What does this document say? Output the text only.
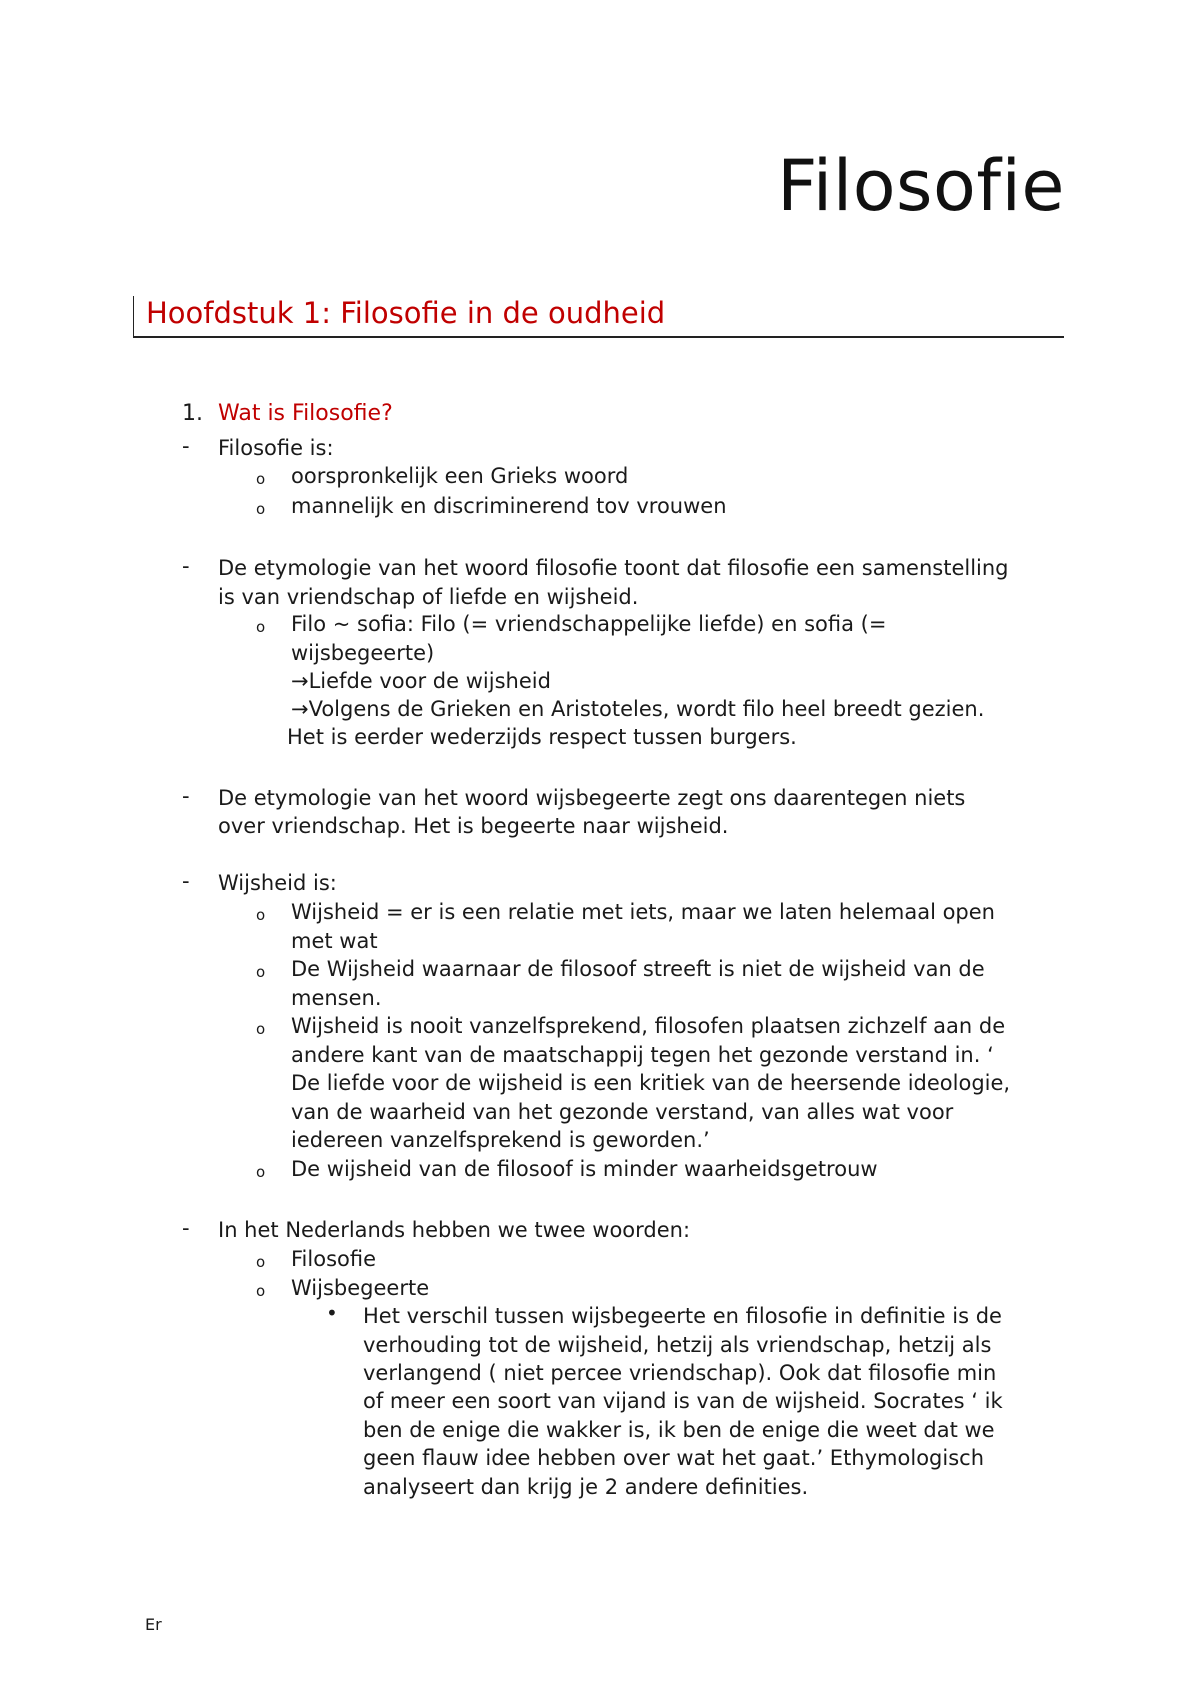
Filosofie
Hoofdstuk 1: Filosofie in de oudheid
1. Wat is Filosofie?
- Filosofie is:
o oorspronkelijk een Grieks woord
o mannelijk en discriminerend tov vrouwen
- De etymologie van het woord filosofie toont dat filosofie een samenstelling
is van vriendschap of liefde en wijsheid.
o Filo ~ sofia: Filo (= vriendschappelijke liefde) en sofia (=
wijsbegeerte)
→Liefde voor de wijsheid
→Volgens de Grieken en Aristoteles, wordt filo heel breedt gezien.
Het is eerder wederzijds respect tussen burgers.
- De etymologie van het woord wijsbegeerte zegt ons daarentegen niets
over vriendschap. Het is begeerte naar wijsheid.
- Wijsheid is:
o Wijsheid = er is een relatie met iets, maar we laten helemaal open
met wat
o De Wijsheid waarnaar de filosoof streeft is niet de wijsheid van de
mensen.
o Wijsheid is nooit vanzelfsprekend, filosofen plaatsen zichzelf aan de
andere kant van de maatschappij tegen het gezonde verstand in. ‘
De liefde voor de wijsheid is een kritiek van de heersende ideologie,
van de waarheid van het gezonde verstand, van alles wat voor
iedereen vanzelfsprekend is geworden.’
o De wijsheid van de filosoof is minder waarheidsgetrouw
- In het Nederlands hebben we twee woorden:
o Filosofie
o Wijsbegeerte
• Het verschil tussen wijsbegeerte en filosofie in definitie is de
verhouding tot de wijsheid, hetzij als vriendschap, hetzij als
verlangend ( niet percee vriendschap). Ook dat filosofie min
of meer een soort van vijand is van de wijsheid. Socrates ‘ ik
ben de enige die wakker is, ik ben de enige die weet dat we
geen flauw idee hebben over wat het gaat.’ Ethymologisch
analyseert dan krijg je 2 andere definities.
Er
